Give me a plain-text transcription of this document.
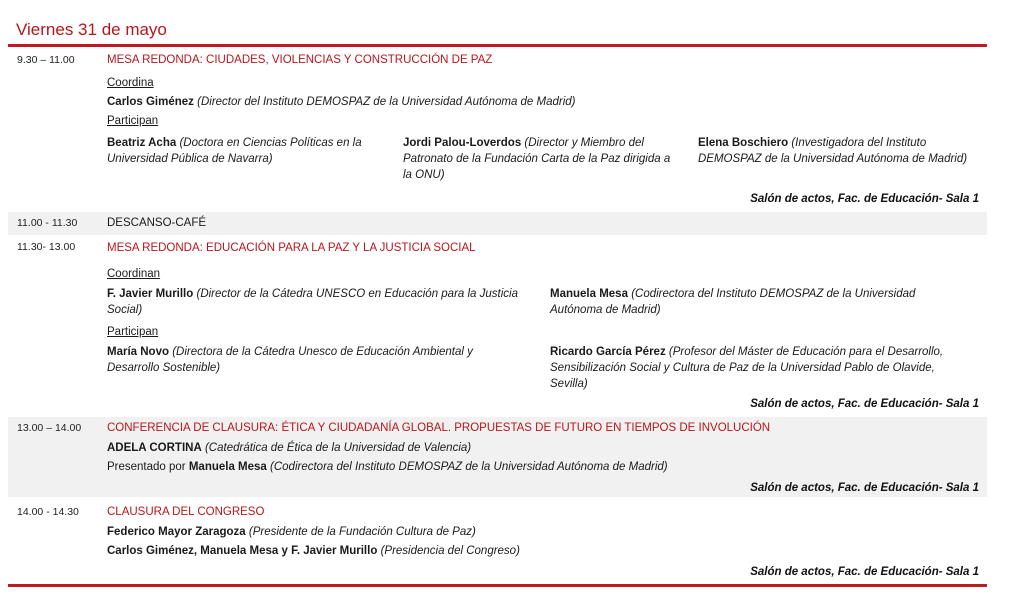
Viernes 31 de mayo
9.30 – 11.00	MESA REDONDA: CIUDADES, VIOLENCIAS Y CONSTRUCCIÓN DE PAZ
Coordina
Carlos Giménez (Director del Instituto DEMOSPAZ de la Universidad Autónoma de Madrid)
Participan
Beatriz Acha (Doctora en Ciencias Políticas en la
Universidad Pública de Navarra)
Jordi Palou-Loverdos (Director y Miembro del
Patronato de la Fundación Carta de la Paz dirigida a
la ONU)
Elena Boschiero (Investigadora del Instituto
DEMOSPAZ de la Universidad Autónoma de Madrid)
Salón de actos, Fac. de Educación- Sala 1
11.00 - 11.30	DESCANSO-CAFÉ
11.30- 13.00	MESA REDONDA: EDUCACIÓN PARA LA PAZ Y LA JUSTICIA SOCIAL
Coordinan
F. Javier Murillo (Director de la Cátedra UNESCO en Educación para la Justicia
Social)
Manuela Mesa (Codirectora del Instituto DEMOSPAZ de la Universidad
Autónoma de Madrid)
Participan
María Novo (Directora de la Cátedra Unesco de Educación Ambiental y
Desarrollo Sostenible)
Ricardo García Pérez (Profesor del Máster de Educación para el Desarrollo,
Sensibilización Social y Cultura de Paz de la Universidad Pablo de Olavide,
Sevilla)
Salón de actos, Fac. de Educación- Sala 1
13.00 – 14.00 CONFERENCIA DE CLAUSURA: ÉTICA Y CIUDADANÍA GLOBAL. PROPUESTAS DE FUTURO EN TIEMPOS DE INVOLUCIÓN
ADELA CORTINA (Catedrática de Ética de la Universidad de Valencia)
Presentado por Manuela Mesa (Codirectora del Instituto DEMOSPAZ de la Universidad Autónoma de Madrid)
Salón de actos, Fac. de Educación- Sala 1
14.00 - 14.30 CLAUSURA DEL CONGRESO
Federico Mayor Zaragoza (Presidente de la Fundación Cultura de Paz)
Carlos Giménez, Manuela Mesa y F. Javier Murillo (Presidencia del Congreso)
Salón de actos, Fac. de Educación- Sala 1
